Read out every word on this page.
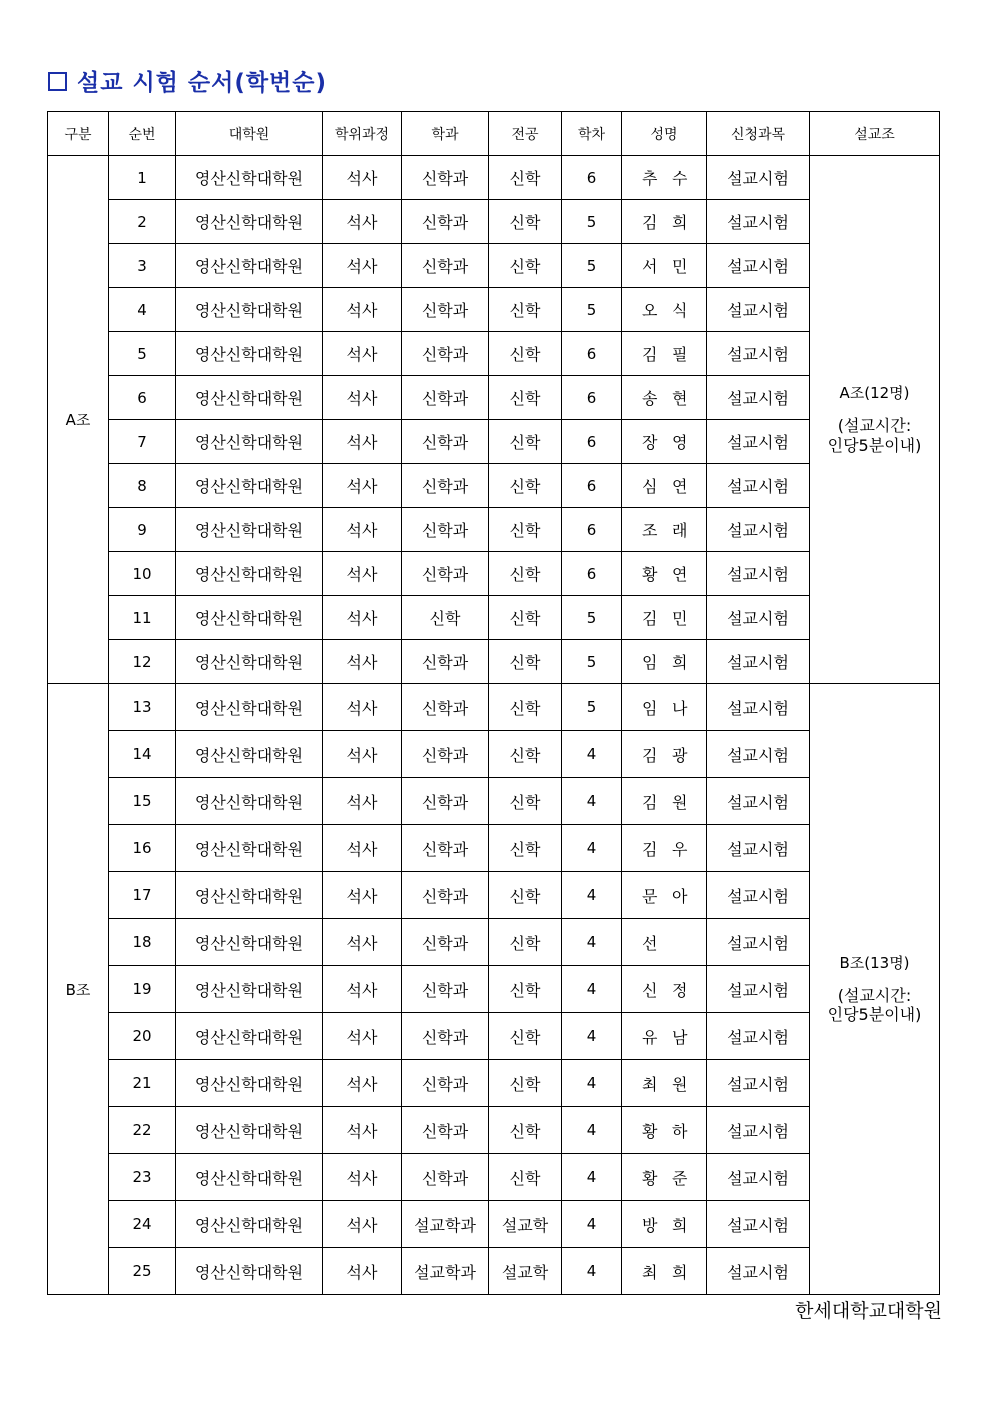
설교 시험 순서(학번순)
구분	순번	대학원	학위과정	학과	전공	학차	성명	신청과목	설교조
A조	1	영산신학대학원	석사	신학과	신학	6	추 수	설교시험	A조(12명)
(설교시간:
인당5분이내)

	2	영산신학대학원	석사	신학과	신학	5	김 희	설교시험	
	3	영산신학대학원	석사	신학과	신학	5	서 민	설교시험	
	4	영산신학대학원	석사	신학과	신학	5	오 식	설교시험	
	5	영산신학대학원	석사	신학과	신학	6	김 필	설교시험	
	6	영산신학대학원	석사	신학과	신학	6	송 현	설교시험	
	7	영산신학대학원	석사	신학과	신학	6	장 영	설교시험	
	8	영산신학대학원	석사	신학과	신학	6	심 연	설교시험	
	9	영산신학대학원	석사	신학과	신학	6	조 래	설교시험	
	10	영산신학대학원	석사	신학과	신학	6	황 연	설교시험	
	11	영산신학대학원	석사	신학	신학	5	김 민	설교시험	
	12	영산신학대학원	석사	신학과	신학	5	임 희	설교시험	
B조	13	영산신학대학원	석사	신학과	신학	5	임 나	설교시험	B조(13명)
(설교시간:
인당5분이내)

	14	영산신학대학원	석사	신학과	신학	4	김 광	설교시험	
	15	영산신학대학원	석사	신학과	신학	4	김 원	설교시험	
	16	영산신학대학원	석사	신학과	신학	4	김 우	설교시험	
	17	영산신학대학원	석사	신학과	신학	4	문 아	설교시험	
	18	영산신학대학원	석사	신학과	신학	4	선	설교시험	
	19	영산신학대학원	석사	신학과	신학	4	신 정	설교시험	
	20	영산신학대학원	석사	신학과	신학	4	유 남	설교시험	
	21	영산신학대학원	석사	신학과	신학	4	최 원	설교시험	
	22	영산신학대학원	석사	신학과	신학	4	황 하	설교시험	
	23	영산신학대학원	석사	신학과	신학	4	황 준	설교시험	
	24	영산신학대학원	석사	설교학과	설교학	4	방 희	설교시험	
	25	영산신학대학원	석사	설교학과	설교학	4	최 희	설교시험	
한세대학교대학원
